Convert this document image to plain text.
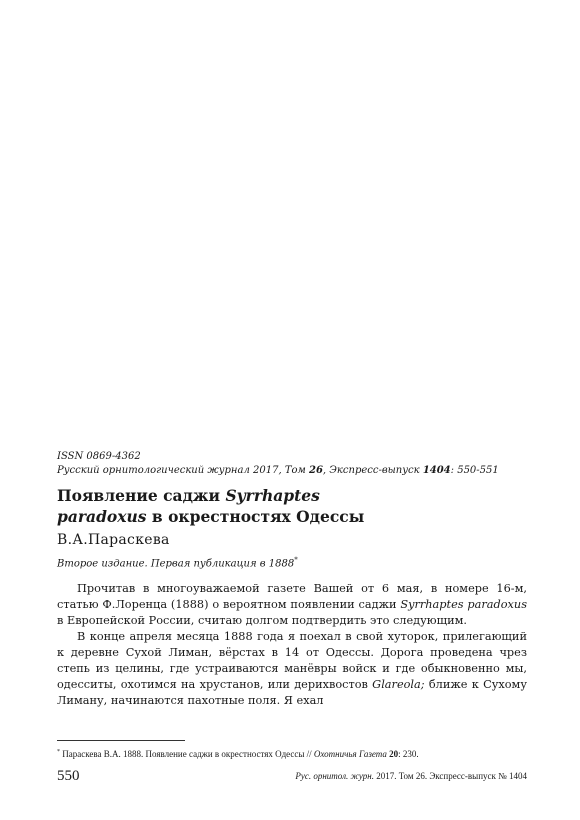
ISSN 0869-4362
Русский орнитологический журнал 2017, Том 26, Экспресс-выпуск 1404: 550-551
Появление саджи Syrrhaptes
paradoxus в окрестностях Одессы
В.А.Параскева
Второе издание. Первая публикация в 1888*

Прочитав в многоуважаемой газете Вашей от 6 мая, в номере 16-м, статью Ф.Лоренца (1888) о вероятном появлении саджи Syrrhaptes paradoxus в Европейской России, считаю долгом подтвердить это следующим.

В конце апреля месяца 1888 года я поехал в свой хуторок, прилегающий к деревне Сухой Лиман, вёрстах в 14 от Одессы. Дорога проведена чрез степь из целины, где устраиваются манёвры войск и где обыкновенно мы, одесситы, охотимся на хрустанов, или дерихвостов Glareola; ближе к Сухому Лиману, начинаются пахотные поля. Я ехал

* Параскева В.А. 1888. Появление саджи в окрестностях Одессы // Охотничья Газета 20: 230.
550	Рус. орнитол. журн. 2017. Том 26. Экспресс-выпуск № 1404
